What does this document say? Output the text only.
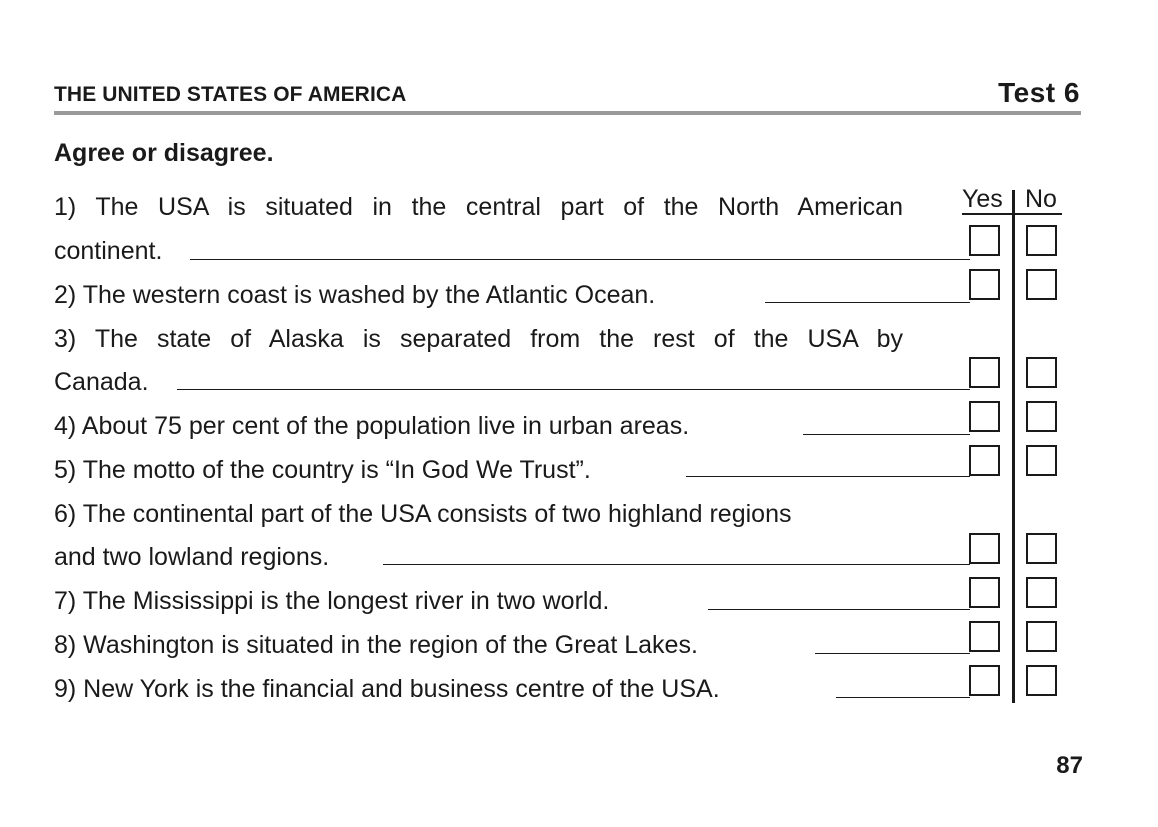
THE UNITED STATES OF AMERICA	Test 6
Agree or disagree.
Yes No
1) The USA is situated in the central part of the North American
continent.
2) The western coast is washed by the Atlantic Ocean.
3) The state of Alaska is separated from the rest of the USA by
Canada.
4) About 75 per cent of the population live in urban areas.
5) The motto of the country is “In God We Trust”.
6) The continental part of the USA consists of two highland regions
and two lowland regions.
7) The Mississippi is the longest river in two world.
8) Washington is situated in the region of the Great Lakes.
9) New York is the financial and business centre of the USA.
87
